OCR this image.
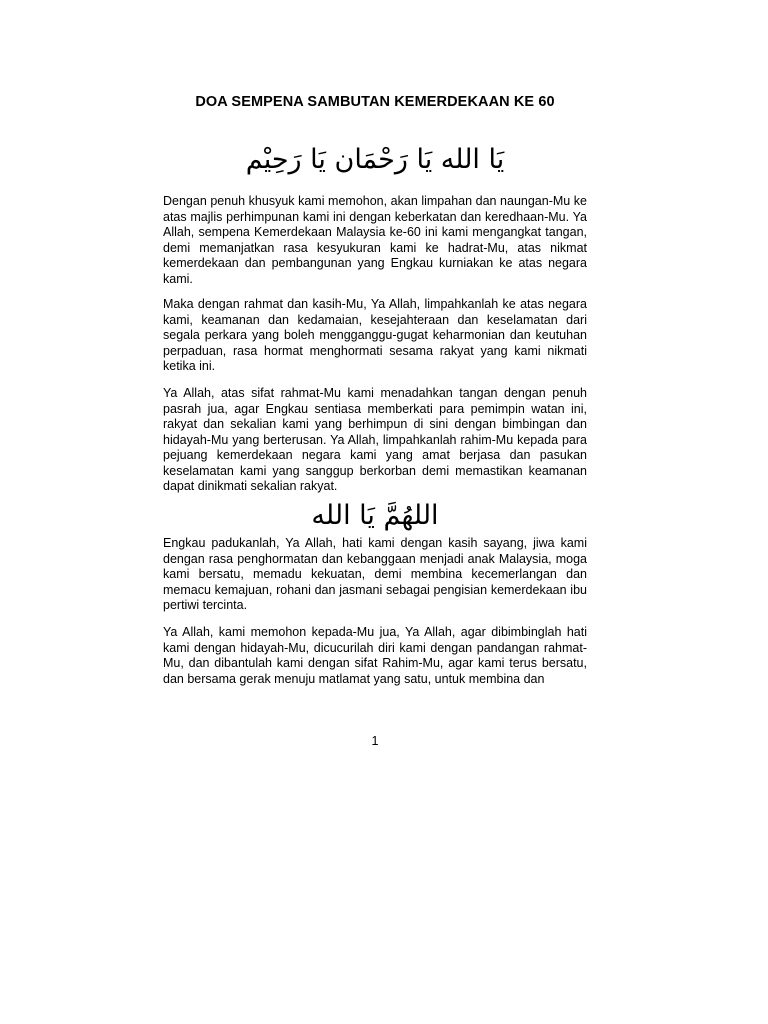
DOA SEMPENA SAMBUTAN KEMERDEKAAN KE 60
يَا الله يَا رَحْمَان يَا رَحِيْم

Dengan penuh khusyuk kami memohon, akan limpahan dan naungan-Mu ke atas majlis perhimpunan kami ini dengan keberkatan dan keredhaan-Mu. Ya Allah, sempena Kemerdekaan Malaysia ke-60 ini kami mengangkat tangan, demi memanjatkan rasa kesyukuran kami ke hadrat-Mu, atas nikmat kemerdekaan dan pembangunan yang Engkau kurniakan ke atas negara kami.

Maka dengan rahmat dan kasih-Mu, Ya Allah, limpahkanlah ke atas negara kami, keamanan dan kedamaian, kesejahteraan dan keselamatan dari segala perkara yang boleh mengganggu-gugat keharmonian dan keutuhan perpaduan, rasa hormat menghormati sesama rakyat yang kami nikmati ketika ini.

Ya Allah, atas sifat rahmat-Mu kami menadahkan tangan dengan penuh pasrah jua, agar Engkau sentiasa memberkati para pemimpin watan ini, rakyat dan sekalian kami yang berhimpun di sini dengan bimbingan dan hidayah-Mu yang berterusan. Ya Allah, limpahkanlah rahim-Mu kepada para pejuang kemerdekaan negara kami yang amat berjasa dan pasukan keselamatan kami yang sanggup berkorban demi memastikan keamanan dapat dinikmati sekalian rakyat.

اللهُمَّ يَا الله

Engkau padukanlah, Ya Allah, hati kami dengan kasih sayang, jiwa kami dengan rasa penghormatan dan kebanggaan menjadi anak Malaysia, moga kami bersatu, memadu kekuatan, demi membina kecemerlangan dan memacu kemajuan, rohani dan jasmani sebagai pengisian kemerdekaan ibu pertiwi tercinta.

Ya Allah, kami memohon kepada-Mu jua, Ya Allah, agar dibimbinglah hati kami dengan hidayah-Mu, dicucurilah diri kami dengan pandangan rahmat-Mu, dan dibantulah kami dengan sifat Rahim-Mu, agar kami terus bersatu, dan bersama gerak menuju matlamat yang satu, untuk membina dan

1
